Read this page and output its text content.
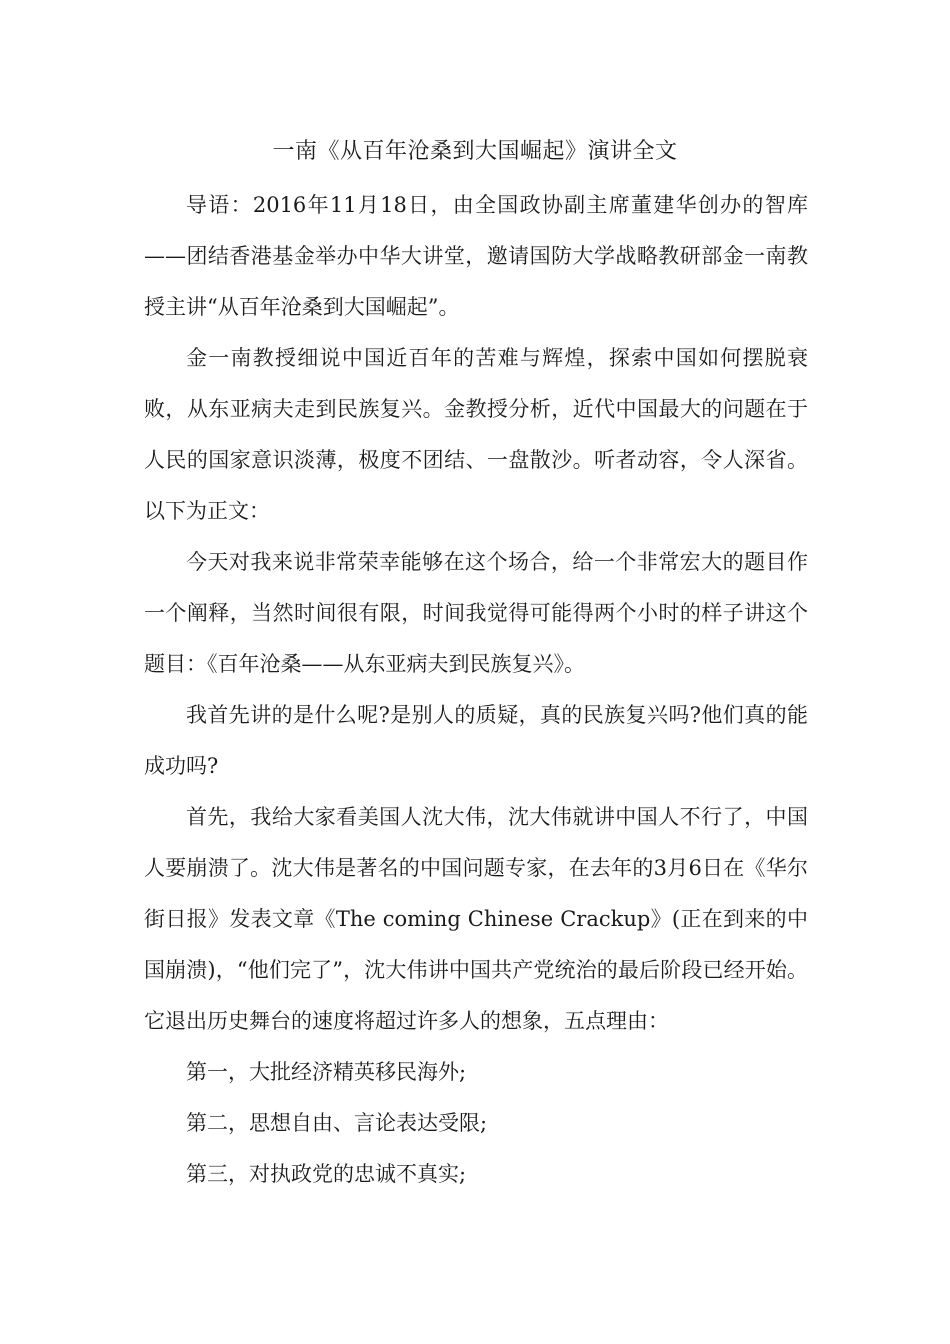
一南《从百年沧桑到大国崛起》演讲全文

导语：2016年11月18日，由全国政协副主席董建华创办的智库——团结香港基金举办中华大讲堂，邀请国防大学战略教研部金一南教授主讲“从百年沧桑到大国崛起”。

金一南教授细说中国近百年的苦难与辉煌，探索中国如何摆脱衰败，从东亚病夫走到民族复兴。金教授分析，近代中国最大的问题在于人民的国家意识淡薄，极度不团结、一盘散沙。听者动容，令人深省。以下为正文：

今天对我来说非常荣幸能够在这个场合，给一个非常宏大的题目作一个阐释，当然时间很有限，时间我觉得可能得两个小时的样子讲这个题目：《百年沧桑——从东亚病夫到民族复兴》。

我首先讲的是什么呢?是别人的质疑，真的民族复兴吗?他们真的能成功吗?

首先，我给大家看美国人沈大伟，沈大伟就讲中国人不行了，中国人要崩溃了。沈大伟是著名的中国问题专家，在去年的3月6日在《华尔街日报》发表文章《The coming Chinese Crackup》(正在到来的中国崩溃)，“他们完了”，沈大伟讲中国共产党统治的最后阶段已经开始。它退出历史舞台的速度将超过许多人的想象，五点理由：

第一，大批经济精英移民海外;

第二，思想自由、言论表达受限;

第三，对执政党的忠诚不真实;
